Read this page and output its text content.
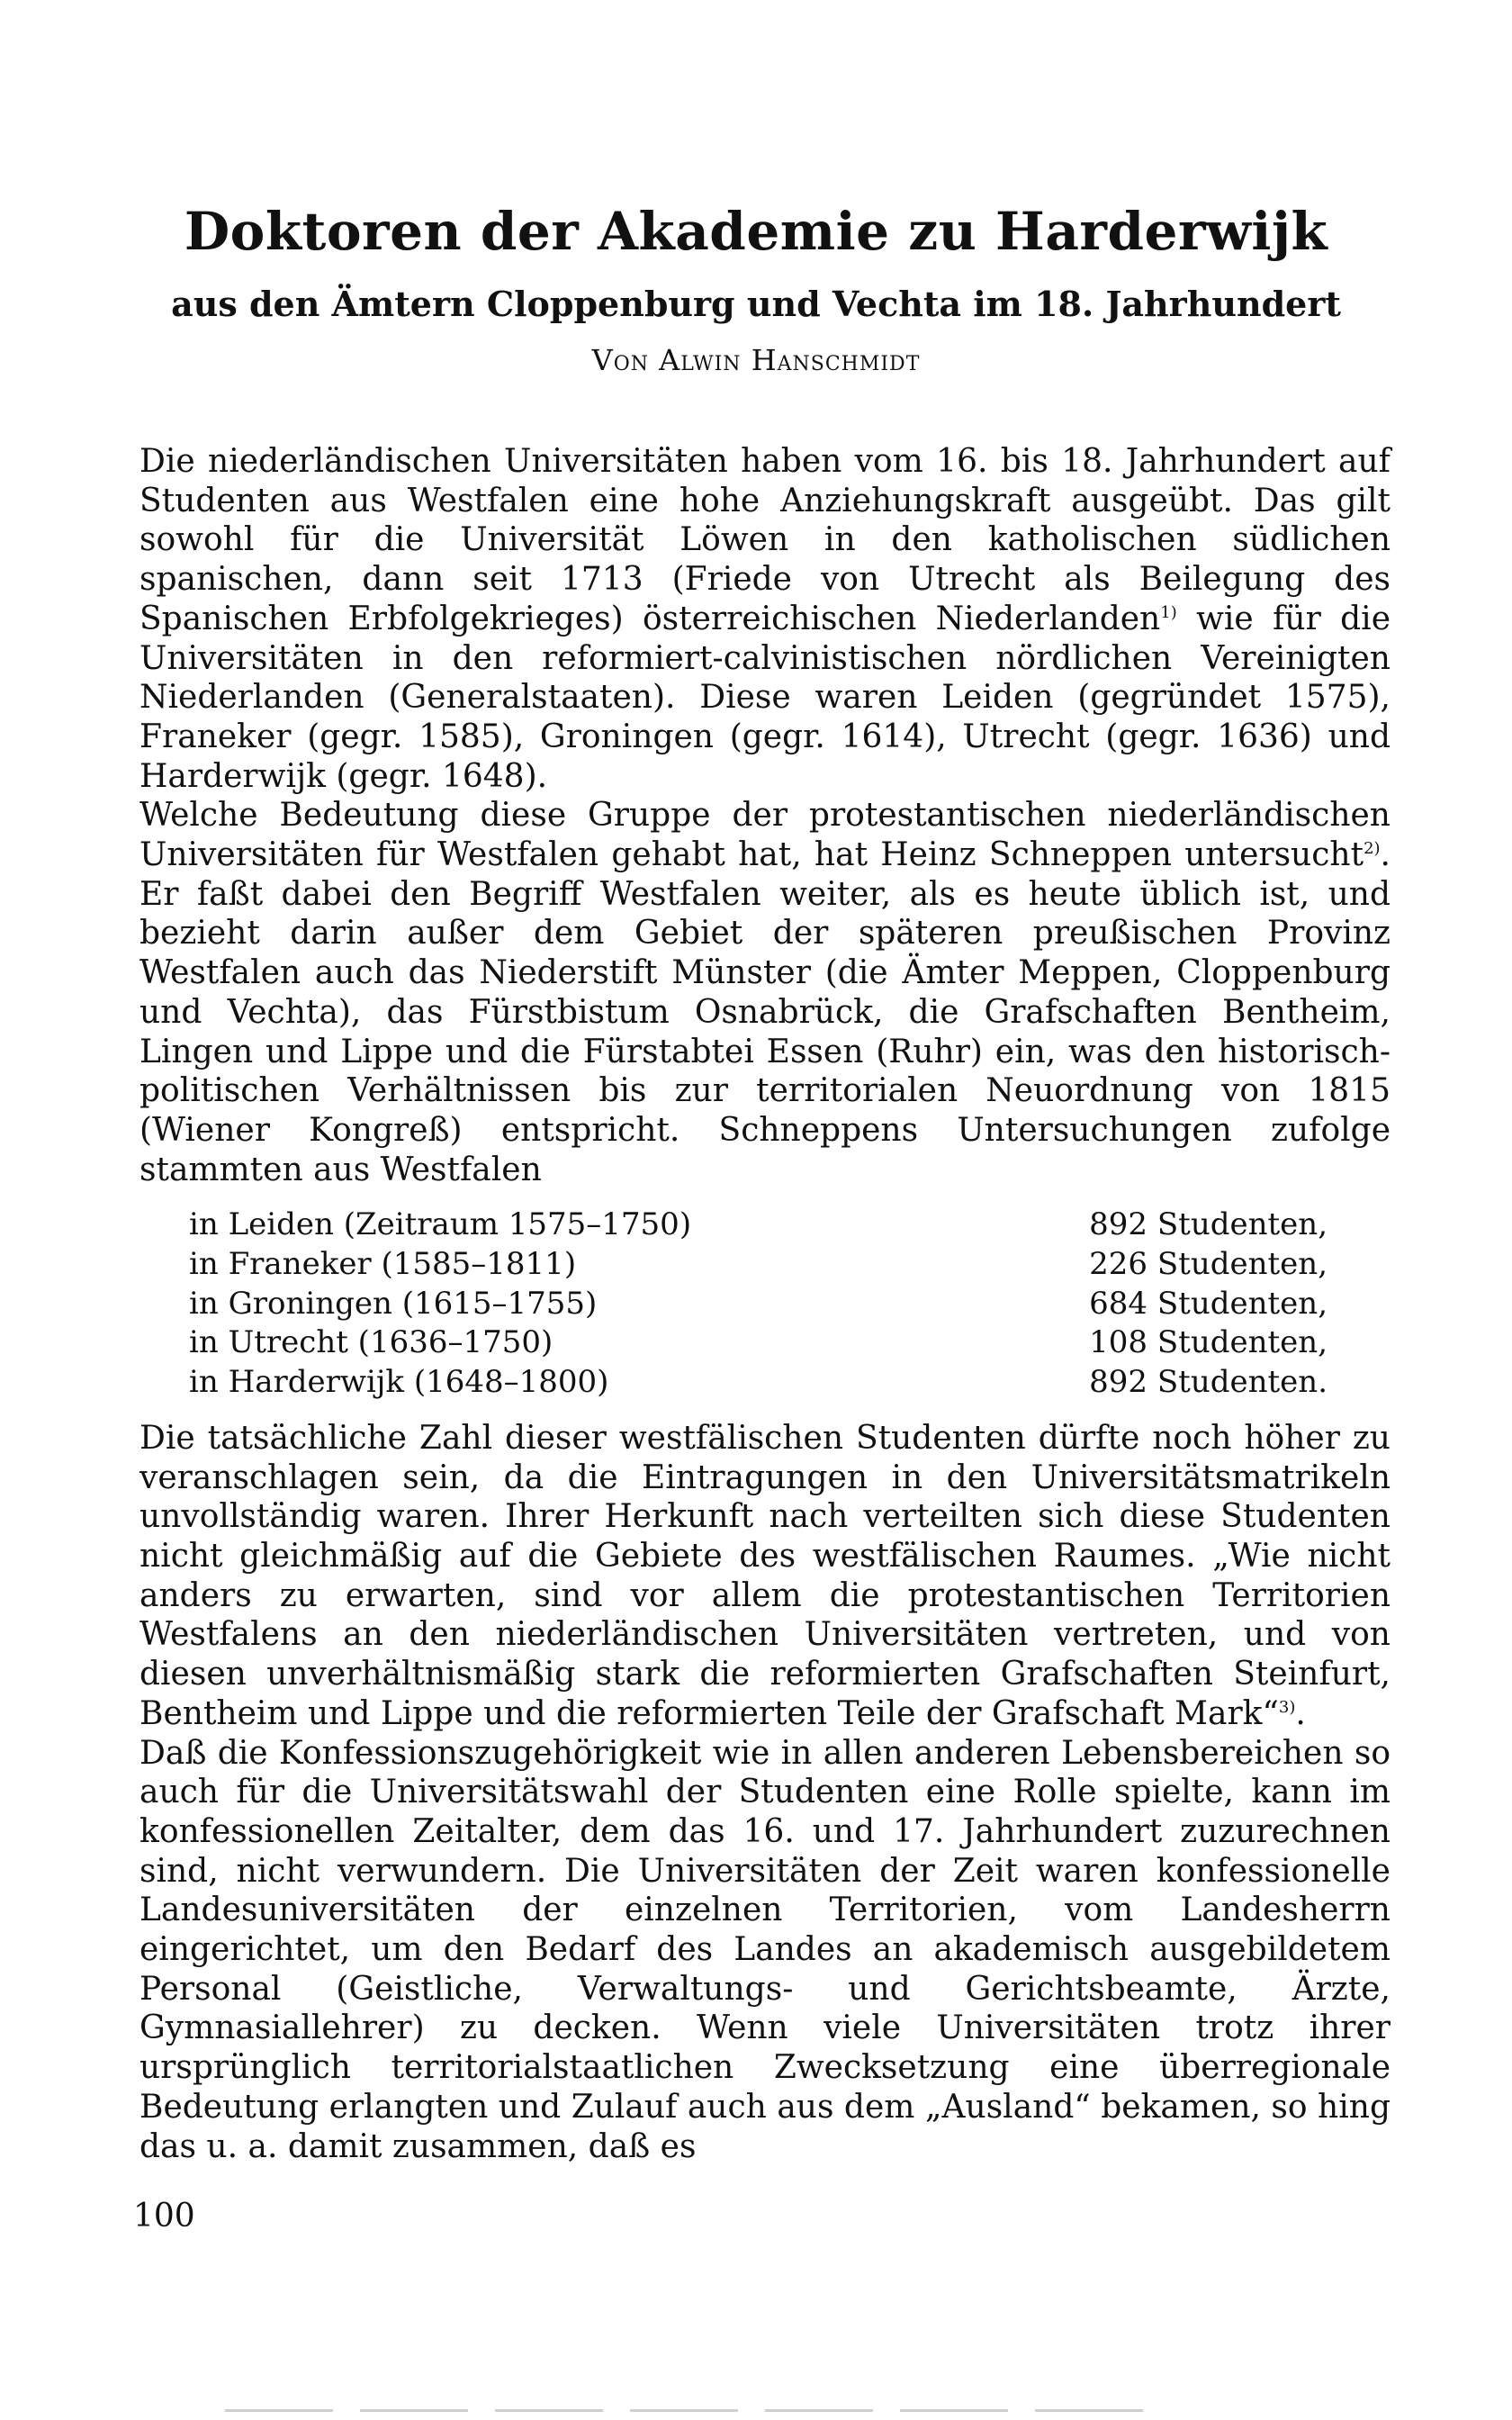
Doktoren der Akademie zu Harderwijk
aus den Ämtern Cloppenburg und Vechta im 18. Jahrhundert
Von Alwin Hanschmidt

Die niederländischen Universitäten haben vom 16. bis 18. Jahrhundert auf Studenten aus Westfalen eine hohe Anziehungskraft ausgeübt. Das gilt sowohl für die Universität Löwen in den katholischen südlichen spanischen, dann seit 1713 (Friede von Utrecht als Beilegung des Spanischen Erbfolgekrieges) österreichischen Niederlanden$^{1)}$ wie für die Universitäten in den reformiert-calvinistischen nördlichen Vereinigten Niederlanden (Generalstaaten). Diese waren Leiden (gegründet 1575), Franeker (gegr. 1585), Groningen (gegr. 1614), Utrecht (gegr. 1636) und Harderwijk (gegr. 1648).

Welche Bedeutung diese Gruppe der protestantischen niederländischen Universitäten für Westfalen gehabt hat, hat Heinz Schneppen untersucht$^{2)}$. Er faßt dabei den Begriff Westfalen weiter, als es heute üblich ist, und bezieht darin außer dem Gebiet der späteren preußischen Provinz Westfalen auch das Niederstift Münster (die Ämter Meppen, Cloppenburg und Vechta), das Fürstbistum Osnabrück, die Grafschaften Bentheim, Lingen und Lippe und die Fürstabtei Essen (Ruhr) ein, was den historisch-politischen Verhältnissen bis zur territorialen Neuordnung von 1815 (Wiener Kongreß) entspricht. Schneppens Untersuchungen zufolge stammten aus Westfalen

in Leiden (Zeitraum 1575–1750)	892 Studenten,
in Franeker (1585–1811)	226 Studenten,
in Groningen (1615–1755)	684 Studenten,
in Utrecht (1636–1750)	108 Studenten,
in Harderwijk (1648–1800)	892 Studenten.

Die tatsächliche Zahl dieser westfälischen Studenten dürfte noch höher zu veranschlagen sein, da die Eintragungen in den Universitätsmatrikeln unvollständig waren. Ihrer Herkunft nach verteilten sich diese Studenten nicht gleichmäßig auf die Gebiete des westfälischen Raumes. „Wie nicht anders zu erwarten, sind vor allem die protestantischen Territorien Westfalens an den niederländischen Universitäten vertreten, und von diesen unverhältnismäßig stark die reformierten Grafschaften Steinfurt, Bentheim und Lippe und die reformierten Teile der Grafschaft Mark“$^{3)}$.

Daß die Konfessionszugehörigkeit wie in allen anderen Lebensbereichen so auch für die Universitätswahl der Studenten eine Rolle spielte, kann im konfessionellen Zeitalter, dem das 16. und 17. Jahrhundert zuzurechnen sind, nicht verwundern. Die Universitäten der Zeit waren konfessionelle Landesuniversitäten der einzelnen Territorien, vom Landesherrn eingerichtet, um den Bedarf des Landes an akademisch ausgebildetem Personal (Geistliche, Verwaltungs- und Gerichtsbeamte, Ärzte, Gymnasiallehrer) zu decken. Wenn viele Universitäten trotz ihrer ursprünglich territorialstaatlichen Zwecksetzung eine überregionale Bedeutung erlangten und Zulauf auch aus dem „Ausland“ bekamen, so hing das u. a. damit zusammen, daß es

100
